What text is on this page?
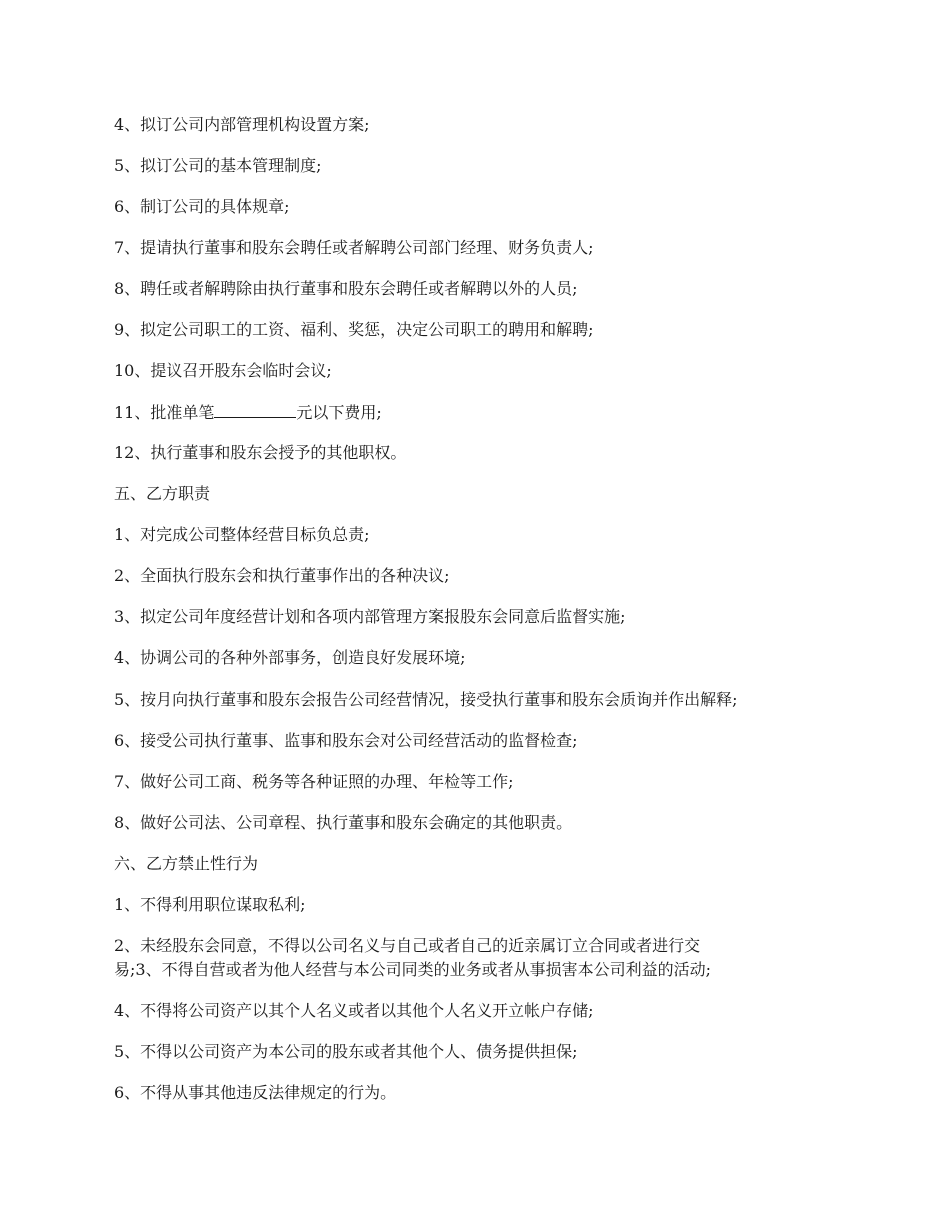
4、拟订公司内部管理机构设置方案;

5、拟订公司的基本管理制度;

6、制订公司的具体规章;

7、提请执行董事和股东会聘任或者解聘公司部门经理、财务负责人;

8、聘任或者解聘除由执行董事和股东会聘任或者解聘以外的人员;

9、拟定公司职工的工资、福利、奖惩，决定公司职工的聘用和解聘;

10、提议召开股东会临时会议;

11、批准单笔	元以下费用;

12、执行董事和股东会授予的其他职权。

五、乙方职责

1、对完成公司整体经营目标负总责;

2、全面执行股东会和执行董事作出的各种决议;

3、拟定公司年度经营计划和各项内部管理方案报股东会同意后监督实施;

4、协调公司的各种外部事务，创造良好发展环境;

5、按月向执行董事和股东会报告公司经营情况，接受执行董事和股东会质询并作出解释;

6、接受公司执行董事、监事和股东会对公司经营活动的监督检查;

7、做好公司工商、税务等各种证照的办理、年检等工作;

8、做好公司法、公司章程、执行董事和股东会确定的其他职责。

六、乙方禁止性行为

1、不得利用职位谋取私利;

2、未经股东会同意，不得以公司名义与自己或者自己的近亲属订立合同或者进行交

易;3、不得自营或者为他人经营与本公司同类的业务或者从事损害本公司利益的活动;

4、不得将公司资产以其个人名义或者以其他个人名义开立帐户存储;

5、不得以公司资产为本公司的股东或者其他个人、债务提供担保;

6、不得从事其他违反法律规定的行为。
